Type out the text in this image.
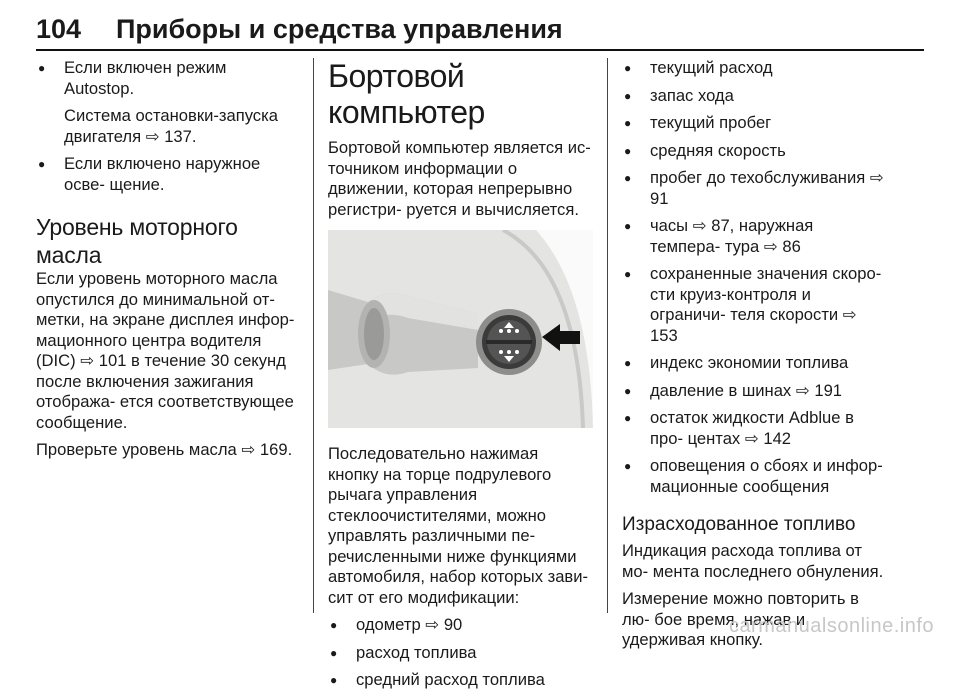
104 Приборы и средства управления
● Если включен режим Autostop.

Система остановки-запуска двигателя ⇨ 137.

● Если включено наружное осве- щение.
Уровень моторного масла

Если уровень моторного масла опустился до минимальной от- метки, на экране дисплея инфор- мационного центра водителя (DIC) ⇨ 101 в течение 30 секунд после включения зажигания отобража- ется соответствующее сообщение.

Проверьте уровень масла ⇨ 169.

Бортовой компьютер

Бортовой компьютер является ис- точником информации о движении, которая непрерывно регистри- руется и вычисляется.

Последовательно нажимая кнопку на торце подрулевого рычага управления стеклоочистителями, можно управлять различными пе- речисленными ниже функциями автомобиля, набор которых зави- сит от его модификации:

● одометр ⇨ 90
● расход топлива
● средний расход топлива
● текущий расход
● запас хода
● текущий пробег
● средняя скорость
● пробег до техобслуживания ⇨ 91
● часы ⇨ 87, наружная темпера- тура ⇨ 86
● сохраненные значения скоро- сти круиз-контроля и ограничи- теля скорости ⇨ 153
● индекс экономии топлива
● давление в шинах ⇨ 191
● остаток жидкости Adblue в про- центах ⇨ 142
● оповещения о сбоях и инфор- мационные сообщения
Израсходованное топливо

Индикация расхода топлива от мо- мента последнего обнуления.

Измерение можно повторить в лю- бое время, нажав и удерживая кнопку.

carmanualsonline.info
